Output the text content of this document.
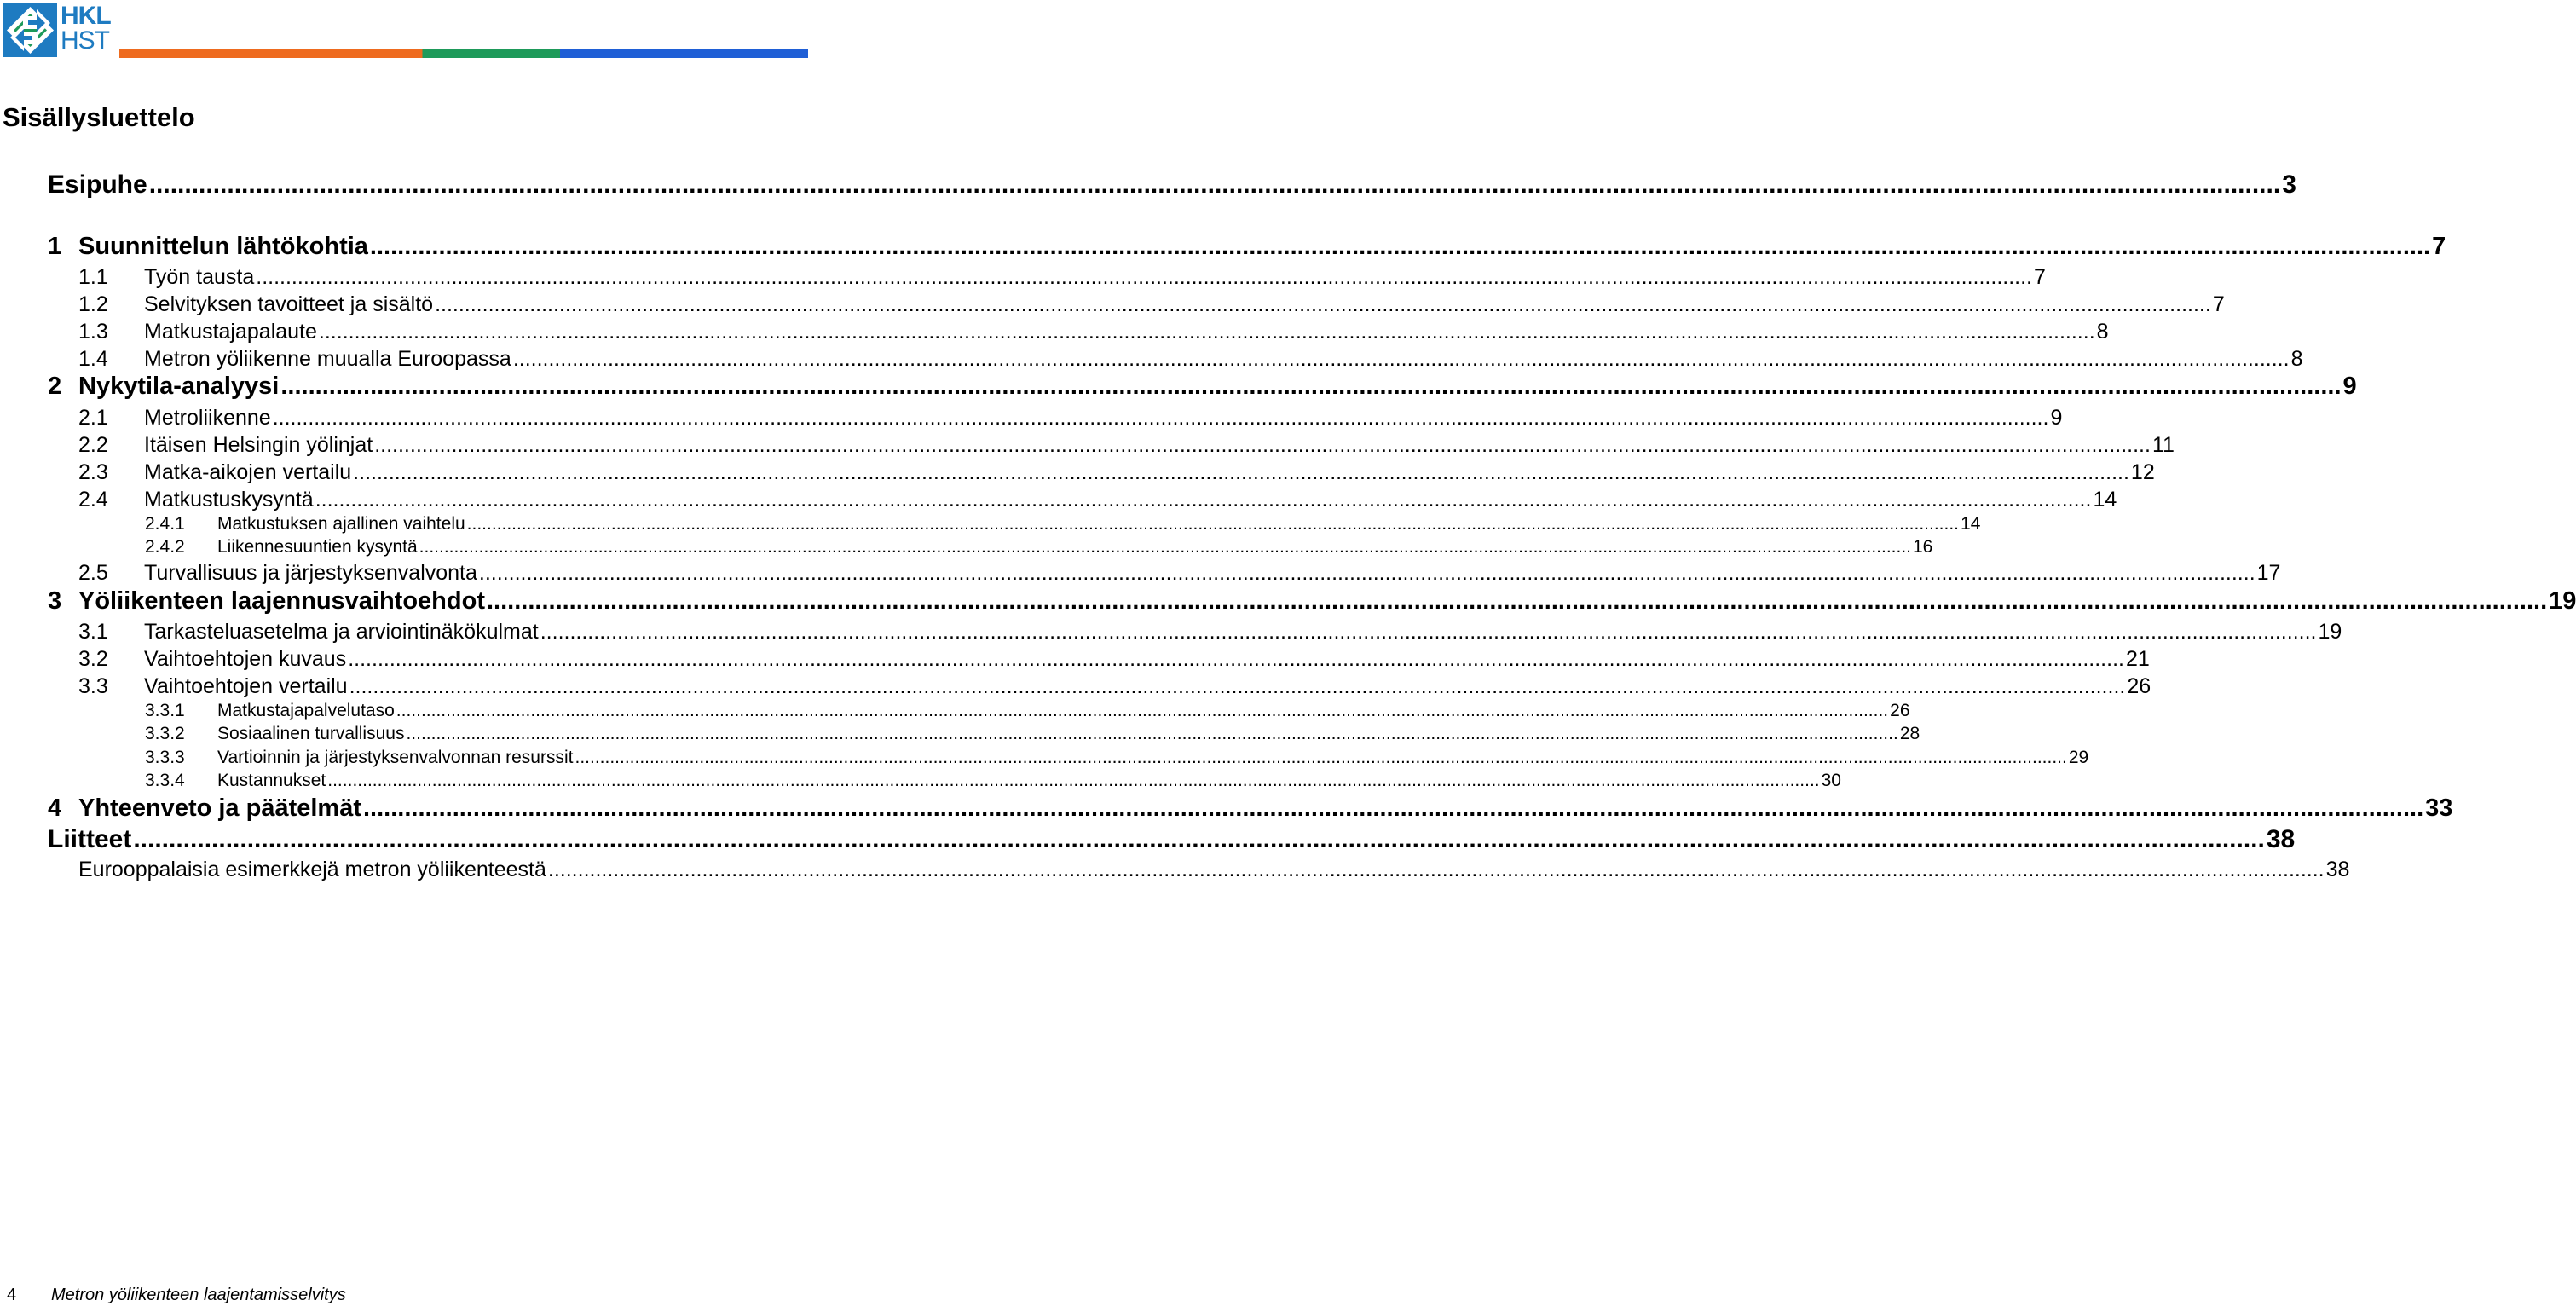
HKL
HST
Sisällysluettelo
Esipuhe ............................................................................................................................................................................................................................................................................................................ 3
1 Suunnittelun lähtökohtia ............................................................................................................................................................................................................................................................................................................ 7
1.1	Työn tausta ............................................................................................................................................................................................................................................................................................................ 7
1.2	Selvityksen tavoitteet ja sisältö ............................................................................................................................................................................................................................................................................................................ 7
1.3	Matkustajapalaute ............................................................................................................................................................................................................................................................................................................ 8
1.4	Metron yöliikenne muualla Euroopassa ............................................................................................................................................................................................................................................................................................................ 8
2 Nykytila-analyysi ............................................................................................................................................................................................................................................................................................................ 9
2.1	Metroliikenne ............................................................................................................................................................................................................................................................................................................ 9
2.2	Itäisen Helsingin yölinjat ............................................................................................................................................................................................................................................................................................................ 11
2.3	Matka-aikojen vertailu ............................................................................................................................................................................................................................................................................................................ 12
2.4	Matkustuskysyntä ............................................................................................................................................................................................................................................................................................................ 14
2.4.1	Matkustuksen ajallinen vaihtelu ............................................................................................................................................................................................................................................................................................................ 14
2.4.2	Liikennesuuntien kysyntä ............................................................................................................................................................................................................................................................................................................ 16
2.5	Turvallisuus ja järjestyksenvalvonta ............................................................................................................................................................................................................................................................................................................ 17
3 Yöliikenteen laajennusvaihtoehdot ............................................................................................................................................................................................................................................................................................................ 19
3.1	Tarkasteluasetelma ja arviointinäkökulmat ............................................................................................................................................................................................................................................................................................................ 19
3.2	Vaihtoehtojen kuvaus ............................................................................................................................................................................................................................................................................................................ 21
3.3	Vaihtoehtojen vertailu ............................................................................................................................................................................................................................................................................................................ 26
3.3.1	Matkustajapalvelutaso ............................................................................................................................................................................................................................................................................................................ 26
3.3.2	Sosiaalinen turvallisuus ............................................................................................................................................................................................................................................................................................................ 28
3.3.3	Vartioinnin ja järjestyksenvalvonnan resurssit ............................................................................................................................................................................................................................................................................................................ 29
3.3.4	Kustannukset ............................................................................................................................................................................................................................................................................................................ 30
4 Yhteenveto ja päätelmät ............................................................................................................................................................................................................................................................................................................ 33
Liitteet ............................................................................................................................................................................................................................................................................................................ 38
Eurooppalaisia esimerkkejä metron yöliikenteestä ............................................................................................................................................................................................................................................................................................................ 38
4 Metron yöliikenteen laajentamisselvitys
